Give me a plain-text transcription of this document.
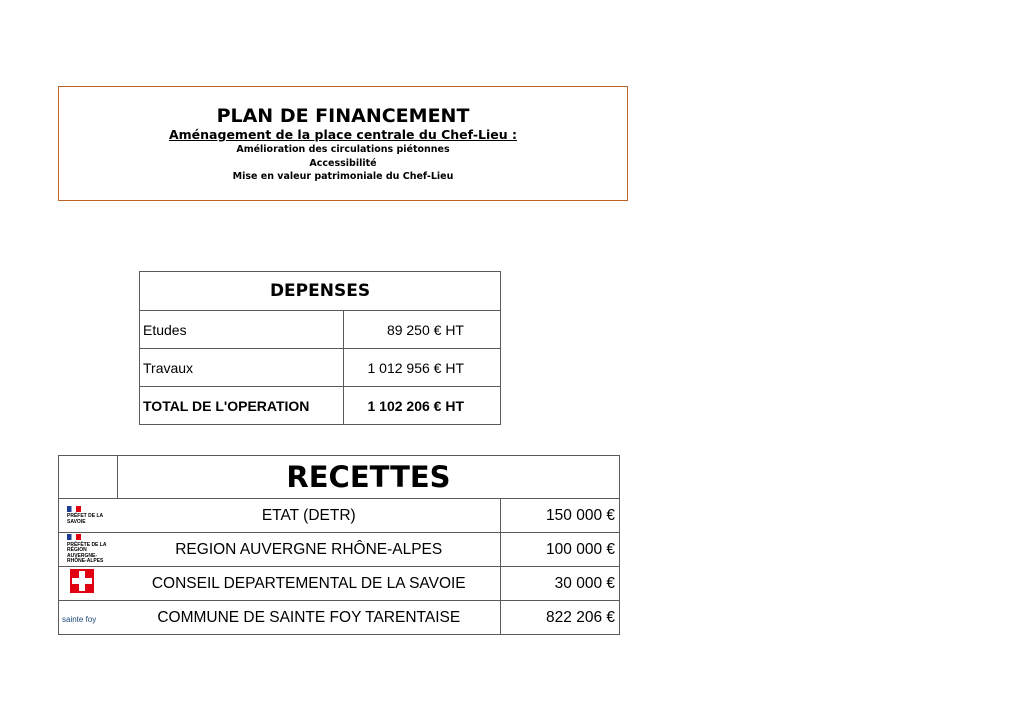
PLAN DE FINANCEMENT
Aménagement de la place centrale du Chef-Lieu :
Amélioration des circulations piétonnes
Accessibilité
Mise en valeur patrimoniale du Chef-Lieu
DEPENSES	
Etudes	89 250 € HT
Travaux	1 012 956 € HT
TOTAL DE L'OPERATION	1 102 206 € HT
	RECETTES	

PRÉFET DE LA SAVOIE	ETAT (DETR)	150 000 €

PRÉFÈTE DE LA RÉGION AUVERGNE- RHÔNE-ALPES	REGION AUVERGNE RHÔNE-ALPES	100 000 €
	CONSEIL DEPARTEMENTAL DE LA SAVOIE	30 000 €
sainte foy	COMMUNE DE SAINTE FOY TARENTAISE	822 206 €
